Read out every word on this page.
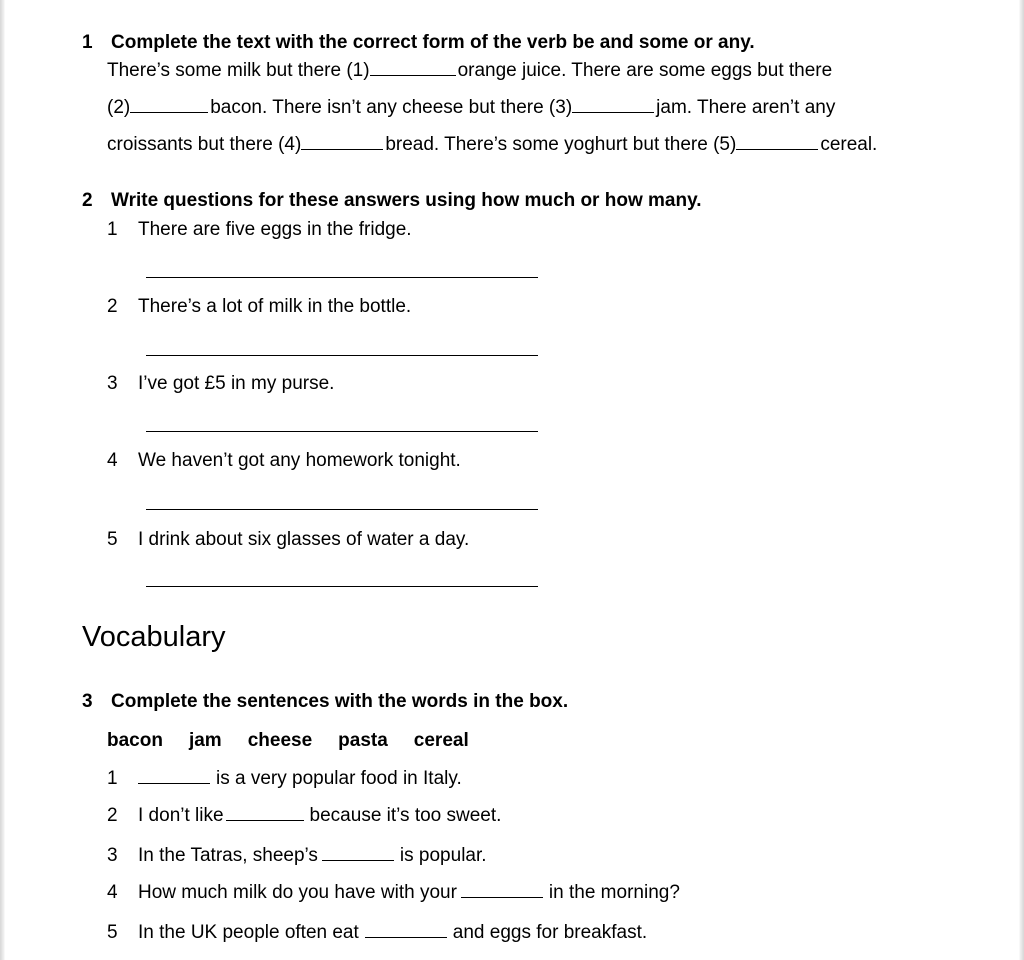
1 Complete the text with the correct form of the verb be and some or any.
There’s some milk but there (1)	orange juice. There are some eggs but there
(2)	bacon. There isn’t any cheese but there (3)	jam. There aren’t any
croissants but there (4)	bread. There’s some yoghurt but there (5)	cereal.
2 Write questions for these answers using how much or how many.
1 There are five eggs in the fridge.
2 There’s a lot of milk in the bottle.
3 I’ve got £5 in my purse.
4 We haven’t got any homework tonight.
5 I drink about six glasses of water a day.
Vocabulary
3 Complete the sentences with the words in the box.
bacon jam cheese pasta cereal
1	is a very popular food in Italy.
2 I don’t like	because it’s too sweet.
3 In the Tatras, sheep’s	is popular.
4 How much milk do you have with your	in the morning?
5 In the UK people often eat	and eggs for breakfast.
